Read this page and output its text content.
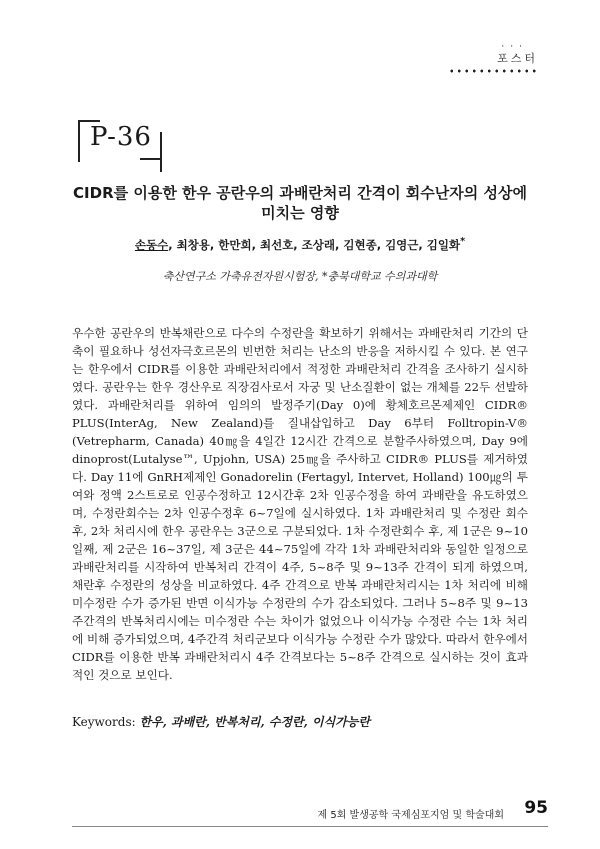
···
포스터
P-36
CIDR를 이용한 한우 공란우의 과배란처리 간격이 회수난자의 성상에
미치는 영향
손동수, 최창용, 한만희, 최선호, 조상래, 김현종, 김영근, 김일화*
축산연구소 가축유전자원시험장, *충북대학교 수의과대학

우수한 공란우의 반복채란으로 다수의 수정란을 확보하기 위해서는 과배란처리 기간의 단축이 필요하나 성선자극호르몬의 빈번한 처리는 난소의 반응을 저하시킬 수 있다. 본 연구는 한우에서 CIDR를 이용한 과배란처리에서 적정한 과배란처리 간격을 조사하기 실시하였다. 공란우는 한우 경산우로 직장검사로서 자궁 및 난소질환이 없는 개체를 22두 선발하였다. 과배란처리를 위하여 임의의 발정주기(Day 0)에 황체호르몬제제인 CIDR® PLUS(InterAg, New Zealand)를 질내삽입하고 Day 6부터 Folltropin-V® (Vetrepharm, Canada) 40㎎을 4일간 12시간 간격으로 분할주사하였으며, Day 9에 dinoprost(Lutalyse™, Upjohn, USA) 25㎎을 주사하고 CIDR® PLUS를 제거하였다. Day 11에 GnRH제제인 Gonadorelin (Fertagyl, Intervet, Holland) 100㎍의 투여와 정액 2스트로로 인공수정하고 12시간후 2차 인공수정을 하여 과배란을 유도하였으며, 수정란회수는 2차 인공수정후 6~7일에 실시하였다. 1차 과배란처리 및 수정란 회수 후, 2차 처리시에 한우 공란우는 3군으로 구분되었다. 1차 수정란회수 후, 제 1군은 9~10일째, 제 2군은 16~37일, 제 3군은 44~75일에 각각 1차 과배란처리와 동일한 일정으로 과배란처리를 시작하여 반복처리 간격이 4주, 5~8주 및 9~13주 간격이 되게 하였으며, 채란후 수정란의 성상을 비교하였다. 4주 간격으로 반복 과배란처리시는 1차 처리에 비해 미수정란 수가 증가된 반면 이식가능 수정란의 수가 감소되었다. 그러나 5~8주 및 9~13주간격의 반복처리시에는 미수정란 수는 차이가 없었으나 이식가능 수정란 수는 1차 처리에 비해 증가되었으며, 4주간격 처리군보다 이식가능 수정란 수가 많았다. 따라서 한우에서 CIDR를 이용한 반복 과배란처리시 4주 간격보다는 5~8주 간격으로 실시하는 것이 효과적인 것으로 보인다.

Keywords: 한우, 과배란, 반복처리, 수정란, 이식가능란
제 5회 발생공학 국제심포지엄 및 학술대회 95
